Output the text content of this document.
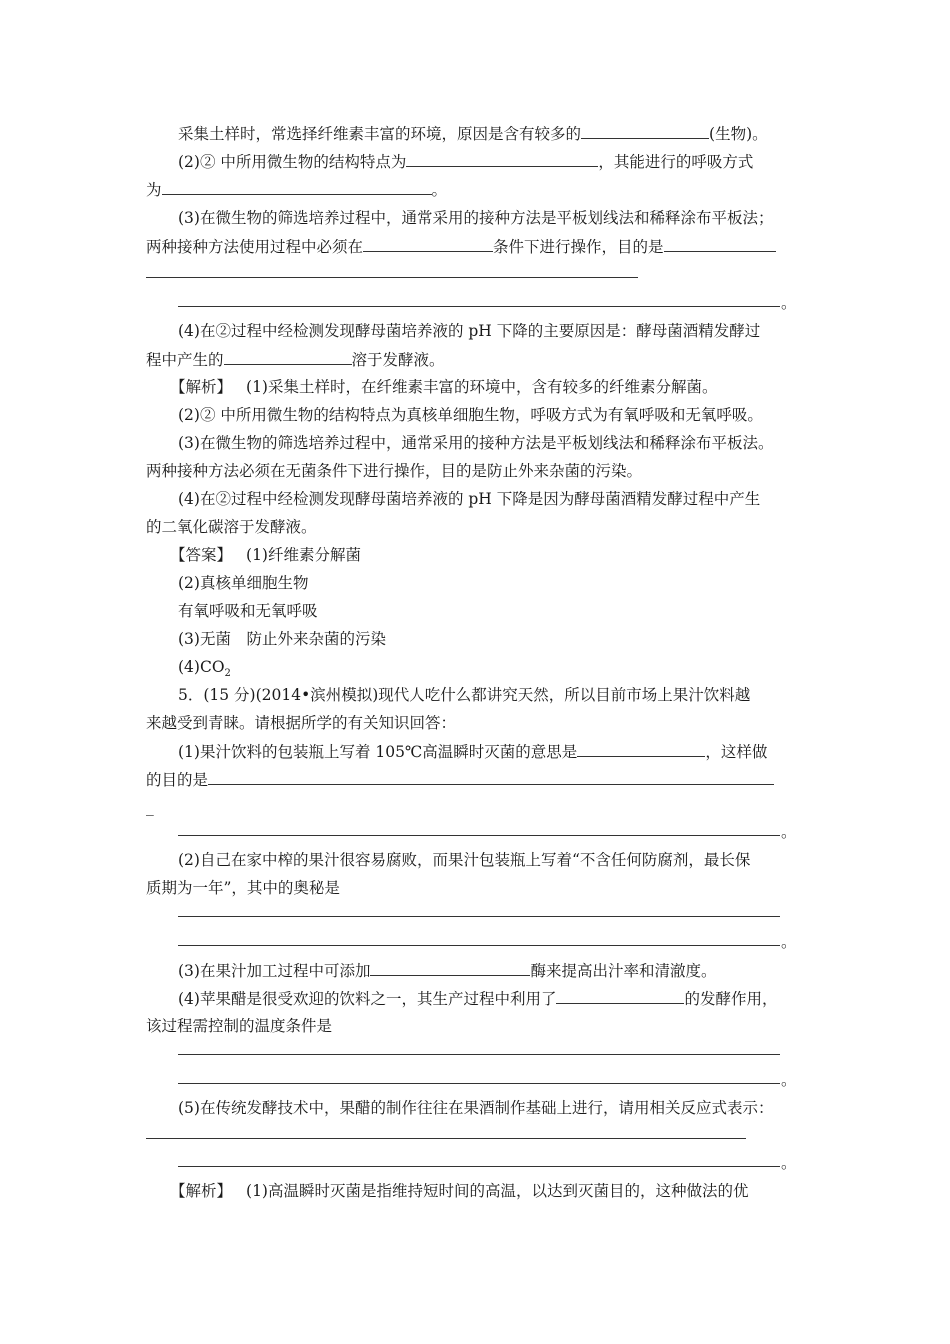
采集土样时，常选择纤维素丰富的环境，原因是含有较多的	(生物)。
(2)② 中所用微生物的结构特点为	，其能进行的呼吸方式
为	。
(3)在微生物的筛选培养过程中，通常采用的接种方法是平板划线法和稀释涂布平板法；
两种接种方法使用过程中必须在	条件下进行操作，目的是
。
(4)在②过程中经检测发现酵母菌培养液的 pH 下降的主要原因是：酵母菌酒精发酵过
程中产生的	溶于发酵液。
【解析】 (1)采集土样时，在纤维素丰富的环境中，含有较多的纤维素分解菌。
(2)② 中所用微生物的结构特点为真核单细胞生物，呼吸方式为有氧呼吸和无氧呼吸。
(3)在微生物的筛选培养过程中，通常采用的接种方法是平板划线法和稀释涂布平板法。
两种接种方法必须在无菌条件下进行操作，目的是防止外来杂菌的污染。
(4)在②过程中经检测发现酵母菌培养液的 pH 下降是因为酵母菌酒精发酵过程中产生
的二氧化碳溶于发酵液。
【答案】 (1)纤维素分解菌
(2)真核单细胞生物
有氧呼吸和无氧呼吸
(3)无菌　防止外来杂菌的污染
$(4)CO_2$
5．(15 分)(2014•滨州模拟)现代人吃什么都讲究天然，所以目前市场上果汁饮料越
来越受到青睐。请根据所学的有关知识回答：
(1)果汁饮料的包装瓶上写着 105℃高温瞬时灭菌的意思是	，这样做
的目的是
_
。
(2)自己在家中榨的果汁很容易腐败，而果汁包装瓶上写着“不含任何防腐剂，最长保
质期为一年”，其中的奥秘是
。
(3)在果汁加工过程中可添加	酶来提高出汁率和清澈度。
(4)苹果醋是很受欢迎的饮料之一，其生产过程中利用了	的发酵作用，
该过程需控制的温度条件是
。
(5)在传统发酵技术中，果醋的制作往往在果酒制作基础上进行，请用相关反应式表示：
。
【解析】 (1)高温瞬时灭菌是指维持短时间的高温，以达到灭菌目的，这种做法的优
